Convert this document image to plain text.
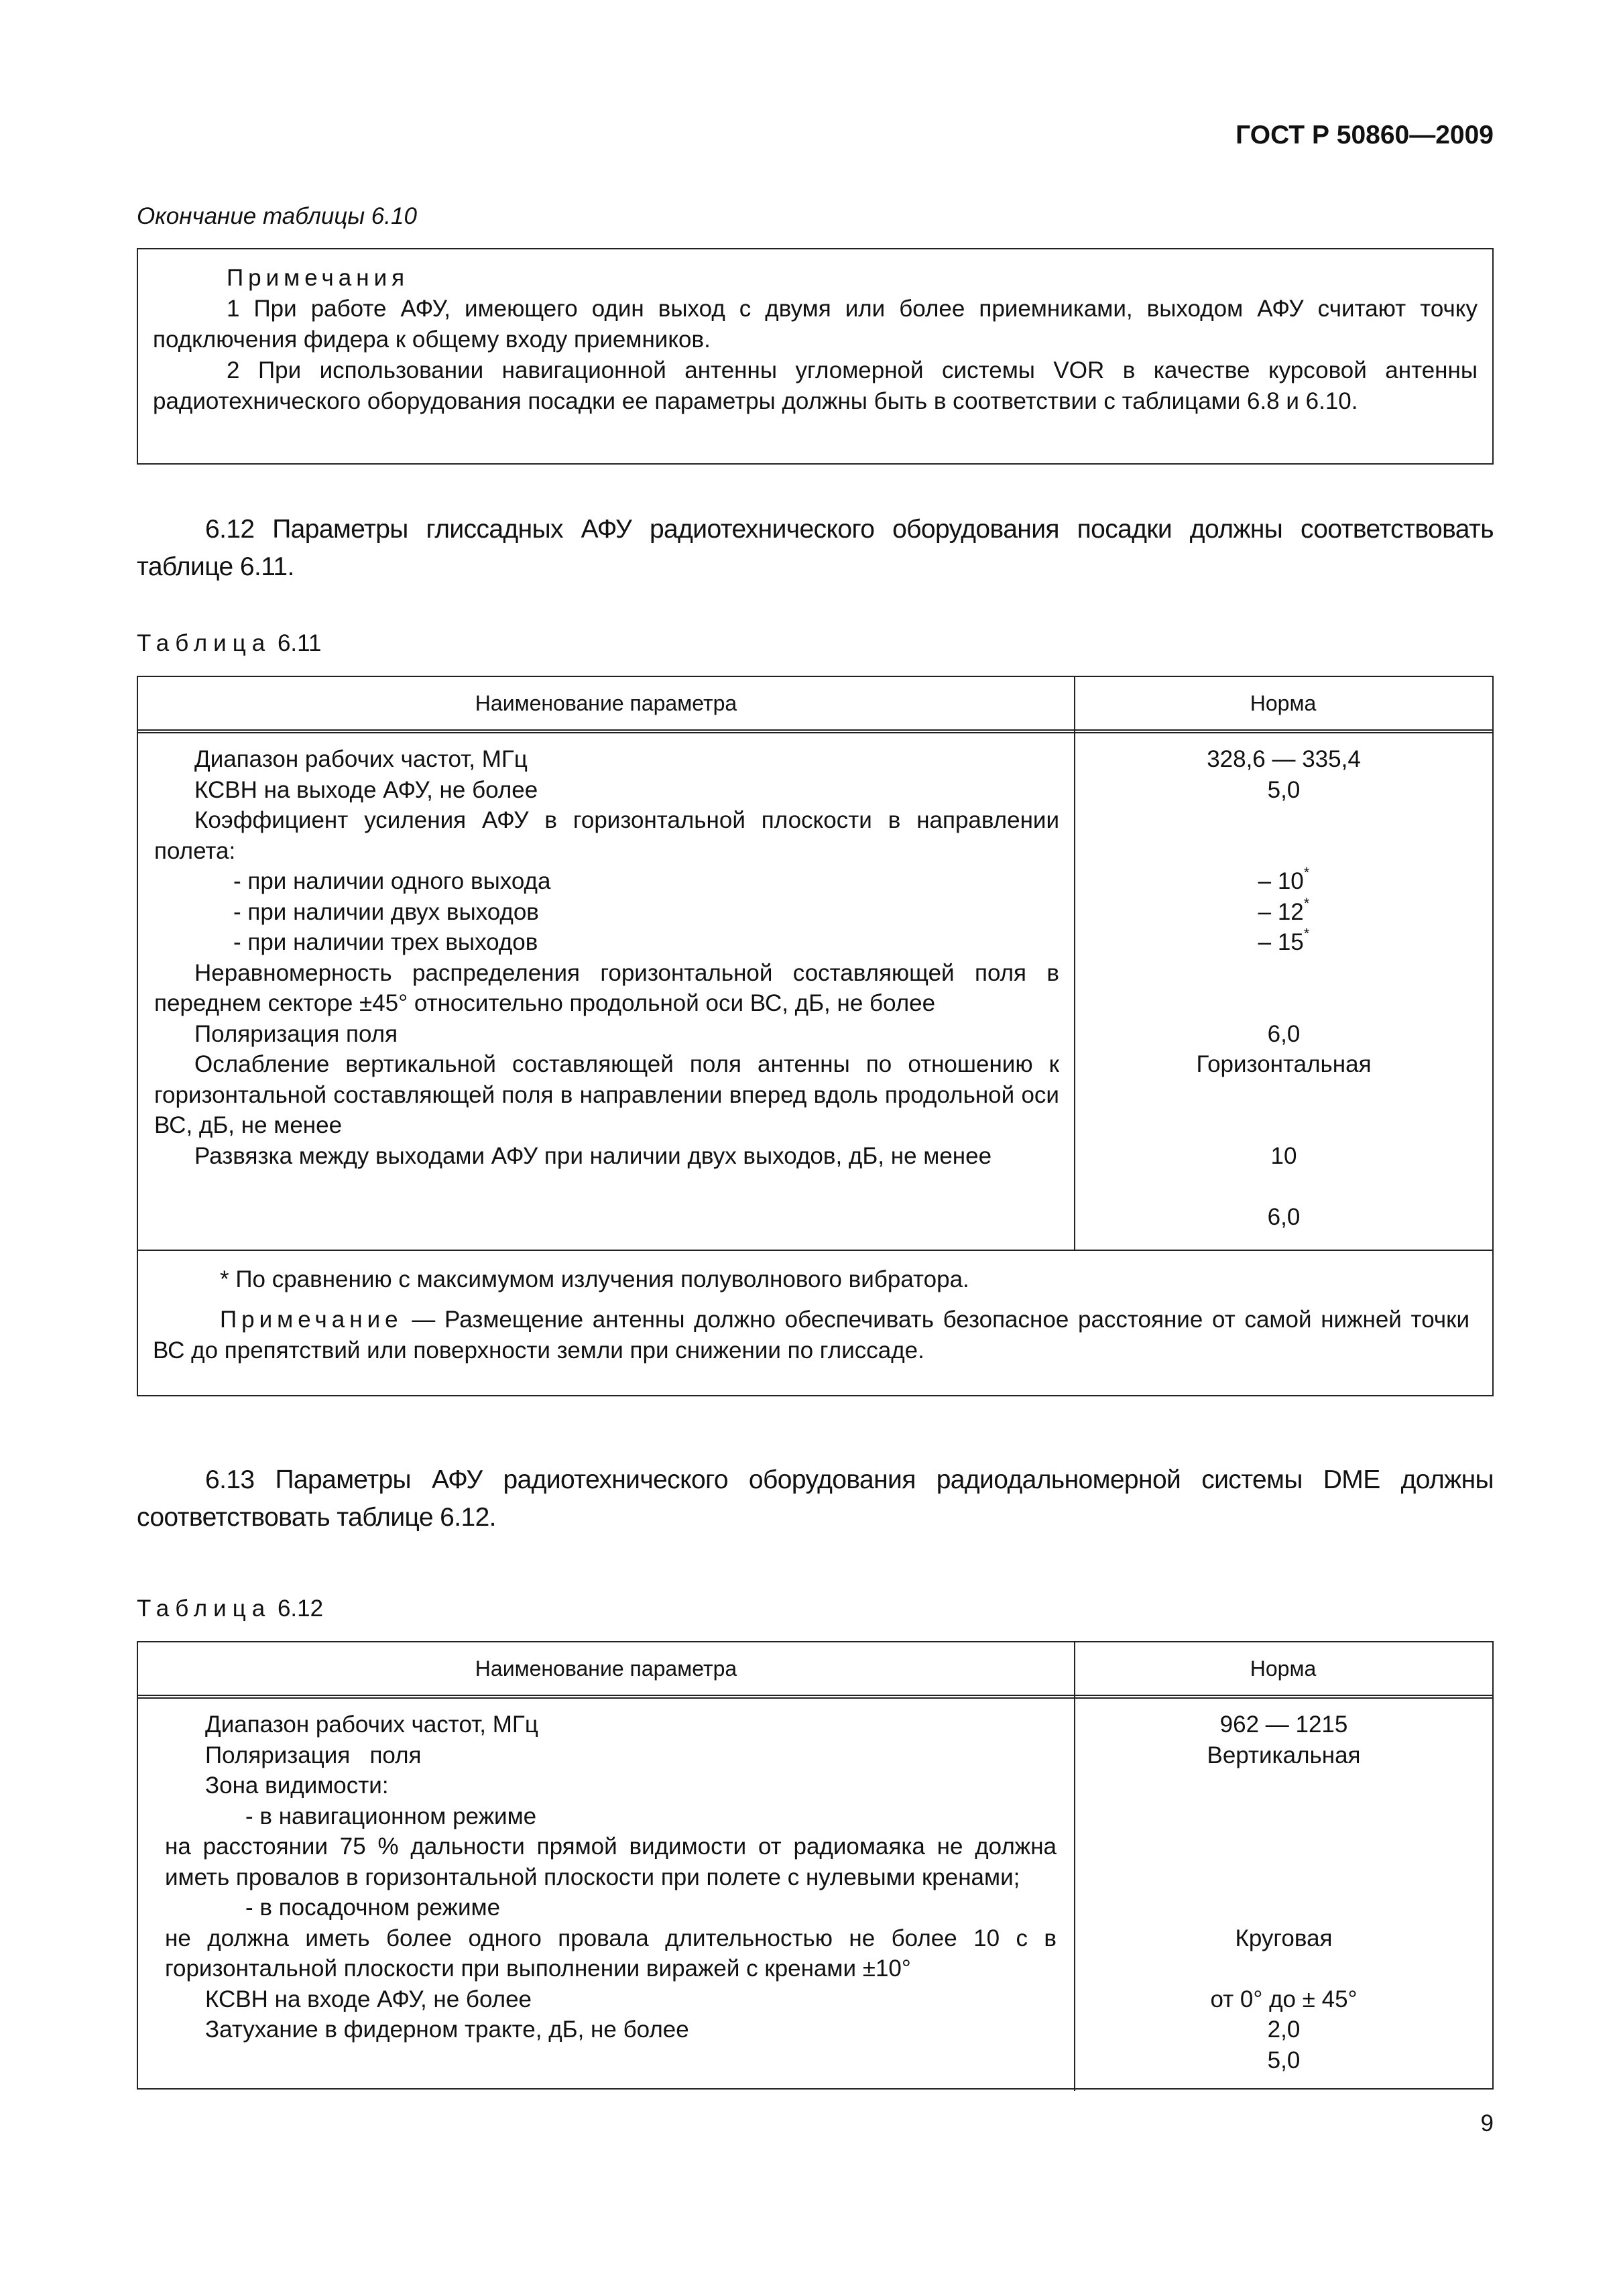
ГОСТ Р 50860—2009
Окончание таблицы 6.10
Примечания
1 При работе АФУ, имеющего один выход с двумя или более приемниками, выходом АФУ считают точку подключения фидера к общему входу приемников.
2 При использовании навигационной антенны угломерной системы VOR в качестве курсовой антенны радиотехнического оборудования посадки ее параметры должны быть в соответствии с таблицами 6.8 и 6.10.
6.12 Параметры глиссадных АФУ радиотехнического оборудования посадки должны соответствовать таблице 6.11.
Таблица 6.11
Наименование параметра	Норма
Диапазон рабочих частот, МГц
КСВН на выходе АФУ, не более
Коэффициент усиления АФУ в горизонтальной плоскости в направлении полета:
- при наличии одного выхода
- при наличии двух выходов
- при наличии трех выходов
Неравномерность распределения горизонтальной составляющей поля в переднем секторе ±45° относительно продольной оси ВС, дБ, не более
Поляризация поля
Ослабление вертикальной составляющей поля антенны по отношению к горизонтальной составляющей поля в направлении вперед вдоль продольной оси ВС, дБ, не менее
Развязка между выходами АФУ при наличии двух выходов, дБ, не менее
328,6 — 335,4
5,0

– 10*
– 12*
– 15*

6,0
Горизонтальная

10

6,0
* По сравнению с максимумом излучения полуволнового вибратора.
Примечание — Размещение антенны должно обеспечивать безопасное расстояние от самой нижней точки ВС до препятствий или поверхности земли при снижении по глиссаде.
6.13 Параметры АФУ радиотехнического оборудования радиодальномерной системы DME должны соответствовать таблице 6.12.
Таблица 6.12
Наименование параметра	Норма
Диапазон рабочих частот, МГц
Поляризация   поля
Зона видимости:
- в навигационном режиме
на расстоянии 75 % дальности прямой видимости от радиомаяка не должна иметь провалов в горизонтальной плоскости при полете с нулевыми кренами;
- в посадочном режиме
не должна иметь более одного провала длительностью не более 10 с в горизонтальной плоскости при выполнении виражей с кренами ±10°
КСВН на входе АФУ, не более
Затухание в фидерном тракте, дБ, не более
962 — 1215
Вертикальная

Круговая

от 0° до ± 45°
2,0
5,0
9
